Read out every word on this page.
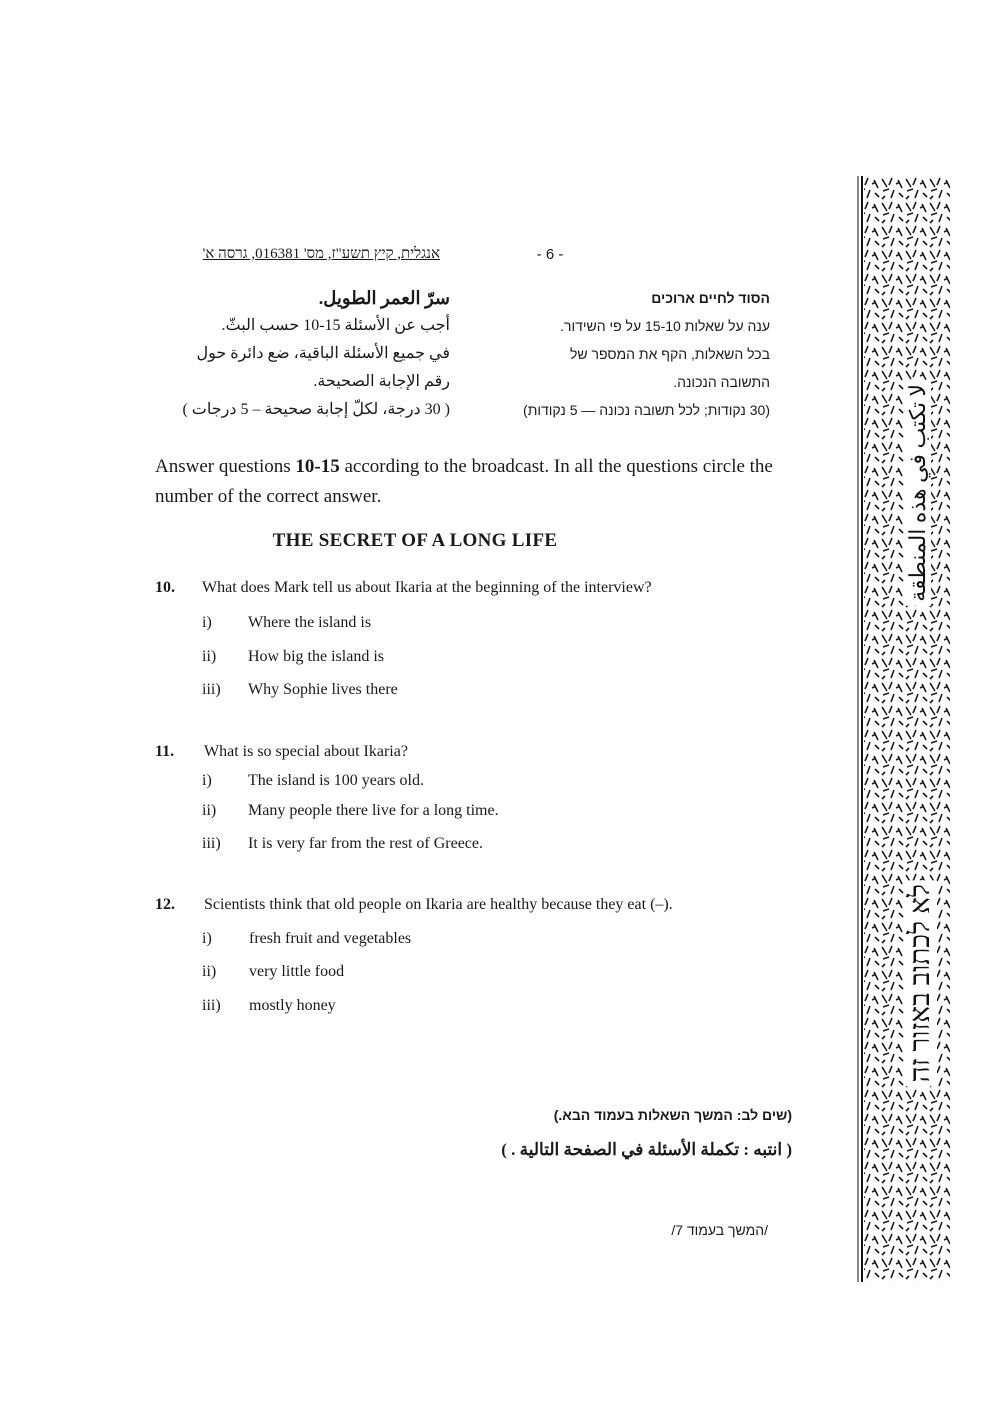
אנגלית, קיץ תשע"ז, מס' 016381, גרסה א'	- 6 -
سرّ العمر الطويل.
أجب عن الأسئلة 15-10 حسب البثّ.
في جميع الأسئلة الباقية، ضع دائرة حول
رقم الإجابة الصحيحة.
( 30 درجة، لكلّ إجابة صحيحة – 5 درجات )
הסוד לחיים ארוכים
ענה על שאלות 15-10 על פי השידור.
בכל השאלות, הקף את המספר של
התשובה הנכונה.
(30 נקודות; לכל תשובה נכונה — 5 נקודות)
Answer questions 10-15 according to the broadcast. In all the questions circle the number of the correct answer.
THE SECRET OF A LONG LIFE
10. What does Mark tell us about Ikaria at the beginning of the interview?
i) Where the island is
ii) How big the island is
iii) Why Sophie lives there
11. What is so special about Ikaria?
i) The island is 100 years old.
ii) Many people there live for a long time.
iii) It is very far from the rest of Greece.
12. Scientists think that old people on Ikaria are healthy because they eat (–).
i) fresh fruit and vegetables
ii) very little food
iii) mostly honey
(שים לב: המשך השאלות בעמוד הבא.)
( انتبه : تكملة الأسئلة في الصفحة التالية . )
/המשך בעמוד 7/
لا تكتب في هذه المنطقة
לא לכתוב באזור זה
